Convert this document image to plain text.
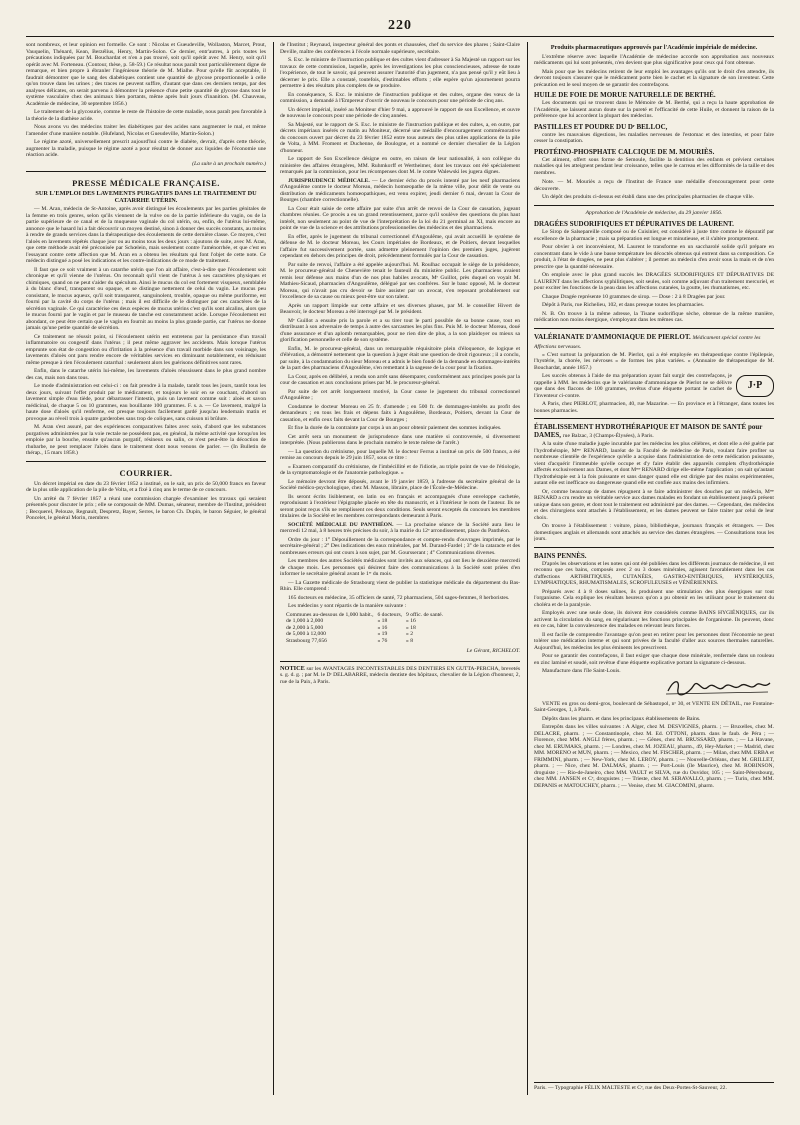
220

sont nombreux, et leur opinion est formelle. Ce sont : Nicolas et Gueudeville, Wollaston, Marcet, Prout, Vauquelin, Thénard, Kean, Berzélius, Henry, Martin-Solon. Ce dernier, entr'autres, à pris toutes les précautions indiquées par M. Bouchardat et n'en a pas trouvé, soit qu'il opérât avec M. Henry, soit qu'il opérât avec M. Forteneau. (Contour, thèse, p. 58-59.) Ce résultat nous paraît tout particulièrement digne de remarque, et bien propre à ébranler l'ingénieuse théorie de M. Mialhe. Pour qu'elle fût acceptable, il faudrait démontrer que le sang des diabétiques contient une quantité de glycose proportionnelle à celle qu'on trouve dans les urines ; des traces ne peuvent suffire, d'autant que dans ces derniers temps, par des analyses délicates, on serait parvenu à démontrer la présence d'une petite quantité de glycose dans tout le système vasculaire chez des animaux bien portants, même après huit jours d'inanition. (M. Chauveau, Académie de médecine, 30 septembre 1856.)

Le traitement de la glycosurie, comme le reste de l'histoire de cette maladie, nous paraît peu favorable à la théorie de la diathèse acide.

Nous avons vu des médecins traiter les diabétiques par des acides sans augmenter le mal, et même l'amender d'une manière notable. (Hufeland, Nicolas et Gueudeville, Martin-Solon.)

Le régime azoté, universellement prescrit aujourd'hui contre le diabète, devrait, d'après cette théorie, augmenter la maladie, puisque le régime azoté a pour résultat de donner aux liquides de l'économie une réaction acide.

(La suite à un prochain numéro.)
PRESSE MÉDICALE FRANÇAISE.
SUR L'EMPLOI DES LAVEMENTS PURGATIFS DANS LE TRAITEMENT DU CATARRHE UTÉRIN.

— M. Aran, médecin de St-Antoine, après avoir distingué les écoulements par les parties génitales de la femme en trois genres, selon qu'ils viennent de la vulve ou de la partie inférieure du vagin, ou de la partie supérieure de ce canal et de la muqueuse vaginale du col utérin, ou, enfin, de l'utérus lui-même, annonce que le hasard lui a fait découvrir un moyen destiné, sinon à donner des succès constants, au moins à rendre de grands services dans la thérapeutique des écoulements de cette dernière classe. Ce moyen, c'est l'aloès en lavements répétés chaque jour ou au moins tous les deux jours : ajoutons de suite, avec M. Aran, que cette méthode avait été préconisée par Schœlein, mais seulement contre l'aménorrhée, et que c'est en l'essayant contre cette affection que M. Aran en a obtenu les résultats qui font l'objet de cette note. Ce médecin distingué a posé les indications et les contre-indications de ce mode de traitement.

Il faut que ce soit vraiment à un catarrhe utérin que l'on ait affaire, c'est-à-dire que l'écoulement soit chronique et qu'il vienne de l'utérus. On reconnaît qu'il vient de l'utérus à ses caractères physiques et chimiques, quand on ne peut s'aider du spéculum. Ainsi le mucus du col est fortement visqueux, semblable à du blanc d'œuf, transparent ou opaque, et se distingue nettement de celui du vagin. Le mucus peu consistant, le mucus aqueux, qu'il soit transparent, sanguinolent, trouble, opaque ou même puriforme, est fourni par la cavité du corps de l'utérus ; mais il est difficile de le distinguer par ces caractères de la sécrétion vaginale. Ce qui caractérise ces deux espèces de mucus utérins c'est qu'ils sont alcalins, alors que le mucus fourni par le vagin et par le museau de tanche est constamment acide. Lorsque l'écoulement est abondant, ce peut être certain que le vagin en fournit au moins la plus grande partie, car l'utérus ne donne jamais qu'une petite quantité de sécrétion.

Ce traitement ne réussit point, si l'écoulement utérin est entretenu par la persistance d'un travail inflammatoire ou congestif dans l'utérus ; il peut même aggraver les accidents. Mais lorsque l'utérus emprunte son état de congestion ou d'irritation à la présence d'un travail morbide dans son voisinage, les lavements d'aloès ont paru rendre encore de véritables services en diminuant notablement, en réduisant même presque à rien l'écoulement catarrhal : seulement alors les guérisons définitives sont rares.

Enfin, dans le catarrhe utérin lui-même, les lavements d'aloès réussissent dans le plus grand nombre des cas, mais non dans tous.

Le mode d'administration est celui-ci : on fait prendre à la malade, tantôt tous les jours, tantôt tous les deux jours, suivant l'effet produit par le médicament, et toujours le soir en se couchant, d'abord un lavement simple d'eau tiède, pour débarrasser l'intestin, puis un lavement comme suit : aloès et savon médicinal, de chaque 5 ou 10 grammes, eau bouillante 100 grammes. F. s. a. — Ce lavement, malgré la haute dose d'aloès qu'il renferme, est presque toujours facilement gardé jusqu'au lendemain matin et provoque au réveil trois à quatre garderobes sans trop de coliques, sans cuisson ni brûlure.

M. Aran s'est assuré, par des expériences comparatives faites avec soin, d'abord que les substances purgatives administrées par la voie rectale ne possèdent pas, en général, la même activité que lorsqu'on les emploie par la bouche, ensuite qu'aucun purgatif, résineux ou salin, ce n'est peut-être la décoction de rhubarbe, ne peut remplacer l'aloès dans le traitement dont nous venons de parler. — (In Bulletin de thérap., 15 mars 1858.)

COURRIER.

Un décret impérial en date du 23 février 1852 a institué, on le sait, un prix de 50,000 francs en faveur de la plus utile application de la pile de Volta, et a fixé à cinq ans le terme de ce concours.

Un arrêté du 7 février 1857 a réuni une commission chargée d'examiner les travaux qui seraient présentés pour discuter le prix ; elle se composait de MM. Dumas, sénateur, membre de l'Institut, président ; Becquerel, Pelouze, Regnault, Despretz, Bayer, Serres, le baron Ch. Dupin, le baron Séguier, le général Poncelet, le général Morin, membres

de l'Institut ; Reynaud, inspecteur général des ponts et chaussées, chef du service des phares ; Saint-Claire Deville, maître des conférences à l'école normale supérieure, secrétaire.

S. Exc. le ministre de l'instruction publique et des cultes vient d'adresser à Sa Majesté un rapport sur les travaux de cette commission, laquelle, après les investigations les plus consciencieuses, adresse de toute l'expérience, de tout le savoir, qui peuvent assurer l'autorité d'un jugement, n'a pas pensé qu'il y eût lieu à décerner le prix. Elle a constaté, toutefois, d'estimables efforts ; elle espère qu'un ajournement pourra permettre à des résultats plus complets de se produire.

En conséquence, S. Exc. le ministre de l'instruction publique et des cultes, organe des vœux de la commission, a demandé à l'Empereur d'ouvrir de nouveau le concours pour une période de cinq ans.

Un décret impérial, inséré au Moniteur d'hier 9 mai, a approuvé le rapport de son Excellence, et ouvre de nouveau le concours pour une période de cinq années.

Sa Majesté, sur le rapport de S. Exc. le ministre de l'instruction publique et des cultes, a, en outre, par décrets impériaux insérés ce matin au Moniteur, décerné une médaille d'encouragement commémorative du concours ouvert par décret du 23 février 1852 entre tous auteurs des plus utiles applications de la pile de Volta, à MM. Froment et Duchenne, de Boulogne, et a nommé ce dernier chevalier de la Légion d'honneur.

Le rapport de Son Excellence désigne en outre, en raison de leur nationalité, à son collègue du ministère des affaires étrangères, MM. Ruhmkorff et Wertheimer, dont les travaux ont été spécialement remarqués par la commission, pour les récompenses dont M. le comte Walewski les jugera dignes.

JURISPRUDENCE MÉDICALE. — Le dernier écho du procès intenté par les neuf pharmaciens d'Angoulême contre le docteur Moreau, médecin homœopathe de la même ville, pour délit de vente ou distribution de médicaments homœopathiques, est venu expirer, jeudi dernier 6 mai, devant la Cour de Bourges (chambre correctionnelle).

La Cour était saisie de cette affaire par suite d'un arrêt de renvoi de la Cour de cassation, jugeant chambres réunies. Ce procès a eu un grand retentissement, parce qu'il soulève des questions du plus haut intérêt, non seulement au point de vue de l'interprétation de la loi du 21 germinal an XI, mais encore au point de vue de la science et des attributions professionnelles des médecins et des pharmaciens.

En effet, après le jugement du tribunal correctionnel d'Angoulême, qui avait accueilli le système de défense de M. le docteur Moreau, les Cours impériales de Bordeaux, et de Poitiers, devant lesquelles l'affaire fut successivement portée, sans admettre pleinement l'opinion des premiers juges, jugèrent cependant en dehors des principes de droit, précédemment formulés par la Cour de cassation.

Par suite de renvoi, l'affaire a été appelée aujourd'hui. M. Roulhac occupait le siège de la présidence, M. le procureur-général de Chenevière tenait le fauteuil du ministère public. Les pharmaciens avaient remis leur défense aux mains d'un de nos plus habiles avocats, Mᵉ Guillot, près duquel on voyait M. Mathieu-Sicaud, pharmacien d'Angoulême, délégué par ses confrères. Sur le banc opposé, M. le docteur Moreau, qui n'avait pas cru devoir se faire assister par un avocat, s'en reposant probablement sur l'excellence de sa cause ou mieux peut-être sur son talent.

Après un rapport limpide sur cette affaire et ses diverses phases, par M. le conseiller Hivert de Beauvoir, le docteur Moreau a été interrogé par M. le président.

Mᵉ Guillot a ensuite pris la parole et a su tirer tout le parti possible de sa bonne cause, tout en distribuant à son adversaire de temps à autre des sarcasmes les plus fins. Puis M. le docteur Moreau, doué d'une assurance et d'un aplomb remarquables, pour ne rien dire de plus, a la son plaidoyer ou mieux sa glorification personnelle et celle de son système.

Enfin, M. le procureur-général, dans un remarquable réquisitoire plein d'éloquence, de logique et d'élévation, a démontré nettement que la question à juger était une question de droit rigoureux ; il a conclu, par suite, à la condamnation du sieur Moreau et a admis le bien fondé de la demande en dommages-intérêts de la part des pharmaciens d'Angoulême, s'en remettant à la sagesse de la cour pour la fixation.

La Cour, après en délibéré, a rendu son arrêt sans désemparer, conformément aux principes posés par la cour de cassation et aux conclusions prises par M. le procureur-général.

Par suite de cet arrêt longuement motivé, la Cour casse le jugement du tribunal correctionnel d'Angoulême ;

Condamne le docteur Moreau en 25 fr. d'amende ; en 500 fr. de dommages-intérêts au profit des demandeurs ; en tous les frais et dépens faits à Angoulême, Bordeaux, Poitiers, devant la Cour de cassation, et enfin ceux faits devant la Cour de Bourges ;

Et fixe la durée de la contrainte par corps à un an pour obtenir paiement des sommes indiquées.

Cet arrêt sera un monument de jurisprudence dans une matière si controversée, si diversement interprétée. (Nous publierons dans le prochain numéro le texte même de l'arrêt.)

— La question du crétinisme, pour laquelle M. le docteur Ferrus a institué un prix de 500 francs, a été remise au concours depuis le 29 juin 1857, sous ce titre :

« Examen comparatif du crétinisme, de l'imbécillité et de l'idiotie, au triple point de vue de l'étiologie, de la symptomatologie et de l'anatomie pathologique. »

Le mémoire devront être déposés, avant le 19 janvier 1859, à l'adresse du secrétaire général de la Société médico-psychologique, chez M. Masson, libraire, place de l'École-de-Médecine.

Ils seront écrits lisiblement, en latin ou en français et accompagnés d'une enveloppe cachetée, reproduisant à l'extérieur l'épigraphe placée en tête du manuscrit, et à l'intérieur le nom de l'auteur. Ils ne seront point reçus s'ils ne remplissent ces deux conditions. Seuls seront exceptés du concours les membres titulaires de la Société et les membres correspondants demeurant à Paris.

SOCIÉTÉ MÉDICALE DU PANTHÉON. — La prochaine séance de la Société aura lieu le mercredi 12 mai, à 8 heures très précises du soir, à la mairie du 12ᵉ arrondissement, place du Panthéon.

Ordre du jour : 1° Dépouillement de la correspondance et compte-rendu d'ouvrages imprimés, par le secrétaire-général ; 2° Des indications des eaux minérales, par M. Durand-Fardel ; 3° de la cataracte et des nombreuses erreurs qui ont cours à son sujet, par M. Goursserant ; 4° Communications diverses.

Les membres des autres Sociétés médicales sont invités aux séances, qui ont lieu le deuxième mercredi de chaque mois. Les personnes qui désirent faire des communications à la Société sont priées d'en informer le secrétaire général avant le 1ᵉʳ du mois.

— La Gazette médicale de Strasbourg vient de publier la statistique médicale du département du Bas-Rhin. Elle comprend :

165 docteurs en médecine, 35 officiers de santé, 72 pharmaciens, 504 sages-femmes, 8 herboristes.

Les médecins y sont répartis de la manière suivante :

Communes au-dessous de 1,000 habit.,	6 docteurs,	9 offic. de santé.
de 1,000 à 2,000	» 18	» 16
de 2,000 à 5,000	» 16	» 18
de 5,000 à 12,000	» 19	» 2
Strasbourg 77,656	» 76	» 8
Le Gérant, RICHELOT.

NOTICE sur les AVANTAGES INCONTESTABLES DES DENTIERS EN GUTTA-PERCHA, brevetés s. g. d. g. ; par M. le Dʳ DELABARRE, médecin dentiste des hôpitaux, chevalier de la Légion d'honneur, 2, rue de la Paix, à Paris.

Produits pharmaceutiques approuvés par l'Académie impériale de médecine.

L'extrême réserve avec laquelle l'Académie de médecine accorde son approbation aux nouveaux médicaments qui lui sont présentés, n'en devient que plus significative pour ceux qui l'ont obtenue.

Mais pour que les médecins retirent de leur emploi les avantages qu'ils ont le droit d'en attendre, ils devront toujours s'assurer que le médicament porte bien le cachet et la signature de son inventeur. Cette précaution est le seul moyen de se garantir des contrefaçons.

HUILE DE FOIE DE MORUE NATURELLE DE BERTHÉ.

Les documents qui se trouvent dans le Mémoire de M. Berthé, qui a reçu la haute approbation de l'Académie, ne laissent aucun doute sur la pureté et l'efficacité de cette Huile, et donnent la raison de la préférence que lui accordent la plupart des médecins.

PASTILLES ET POUDRE DU Dʳ BELLOC,

contre les mauvaises digestions, les maladies nerveuses de l'estomac et des intestins, et pour faire cesser la constipation.

PROTÉINO-PHOSPHATE CALCIQUE DE M. MOURIÈS.

Cet aliment, offert sous forme de Semoule, facilite la dentition des enfants et prévient certaines maladies qui les atteignent pendant leur croissance, telles que le carreau et les difformités de la taille et des membres.

Note. — M. Mouriès a reçu de l'Institut de France une médaille d'encouragement pour cette découverte.

Un dépôt des produits ci-dessus est établi dans une des principales pharmacies de chaque ville.

Approbation de l'Académie de médecine, du 29 janvier 1856.
DRAGÉES SUDORIFIQUES ET DÉPURATIVES DE LAURENT.

Le Sirop de Salsepareille composé ou de Cuisinier, est considéré à juste titre comme le dépuratif par excellence de la pharmacie ; mais sa préparation est longue et minutieuse, et il s'altère promptement.

Pour obvier à cet inconvénient, M. Laurent le transforme en un saccharolé solide qu'il prépare en concentrant dans le vide à une basse température les décoctés obtenus qui entrent dans sa composition. Ce produit, à l'état de dragées, ne peut plus s'altérer ; il permet au médecin d'en avoir sous la main et de n'en prescrire que la quantité nécessaire.

On emploie avec le plus grand succès les DRAGÉES SUDORIFIQUES ET DÉPURATIVES DE LAURENT dans les affections syphilitiques, soit seules, soit comme adjuvant d'un traitement mercuriel, et pour exciter les fonctions de la peau dans les affections cutanées, la goutte, les rhumatismes, etc.

Chaque Dragée représente 10 grammes de sirop. — Dose : 2 à 8 Dragées par jour.

Dépôt à Paris, rue Richelieu, 102, et dans presque toutes les pharmacies.

N. B. On trouve à la même adresse, la Tisane sudorifique sèche, obtenue de la même manière, médication non moins énergique, s'employant dans les mêmes cas.

VALÉRIANATE D'AMMONIAQUE DE PIERLOT. Médicament spécial contre les Affections nerveuses.

« C'est surtout la préparation de M. Pierlot, qui a été employée en thérapeutique contre l'épilepsie, l'hystérie, la chorée, les névroses » de formes les plus variées. » (Annuaire de thérapeutique de M. Bouchardat, année 1857.)

J·P

Les succès obtenus à l'aide de ma préparation ayant fait surgir des contrefaçons, je rappelle à MM. les médecins que le valérianate d'ammoniaque de Pierlot ne se délivre que dans des flacons de 100 grammes, revêtus d'une étiquette portant le cachet de l'inventeur ci-contre.

A Paris, chez PIERLOT, pharmacien, 40, rue Mazarine. — En province et à l'étranger, dans toutes les bonnes pharmacies.

ÉTABLISSEMENT HYDROTHÉRAPIQUE ET MAISON DE SANTÉ pour DAMES, rue Balzac, 3 (Champs-Élysées), à Paris.

A la suite d'une maladie jugée incurable par les médecins les plus célèbres, et dont elle a été guérie par l'hydrothérapie, Mᵐᵉ RENARD, lauréat de la Faculté de médecine de Paris, voulant faire profiter sa nombreuse clientèle de l'expérience qu'elle a acquise dans l'administration de cette médication puissante, vient d'acquérir l'immeuble qu'elle occupe et d'y faire établir des appareils complets d'hydrothérapie affectés exclusivement aux Dames, et dont Mᵐᵉ RENARD dirige elle-même l'application ; on sait qu'autant l'hydrothérapie est à la fois puissante et sans danger quand elle est dirigée par des mains expérimentées, autant elle est inefficace ou dangereuse quand elle est confiée aux mains des infirmiers.

Or, comme beaucoup de dames répugnent à se faire administrer des douches par un médecin, Mᵐᵉ RENARD a cru rendre un véritable service aux dames malades en fondant un établissement jusqu'à présent unique dans son genre, et dont tout le traitement est administré par des dames. — Cependant, des médecins et des chirurgiens sont attachés à l'établissement, et les dames peuvent se faire traiter par celui de leur choix.

On trouve à l'établissement : voiture, piano, bibliothèque, journaux français et étrangers. — Des domestiques anglais et allemands sont attachés au service des dames étrangères. — Consultations tous les jours.

BAINS PENNÈS.

D'après les observations et les notes qui ont été publiées dans les différents journaux de médecine, il est reconnu que ces bains, composés avec 2 ou 3 doses minérales, agissent favorablement dans les cas d'affections ARTHRITIQUES, CUTANÉES, GASTRO-ENTÉRIQUES, HYSTÉRIQUES, LYMPHATIQUES, RHUMATISMALES, SCROFULEUSES et VÉNÉRIENNES.

Préparés avec 4 à 8 doses salines, ils produisent une stimulation des plus énergiques sur tout l'organisme. Cela explique les résultats heureux qu'on a pu obtenir en les utilisant pour le traitement du choléra et de la paralysie.

Employés avec une seule dose, ils doivent être considérés comme BAINS HYGIÉNIQUES, car ils activent la circulation du sang, en régularisant les fonctions principales de l'organisme. Ils peuvent, donc en ce cas, hâter la convalescence des malades en relevant leurs forces.

Il est facile de comprendre l'avantage qu'on peut en retirer pour les personnes dont l'économie ne peut tolérer une médication interne et qui sont privées de la faculté d'aller aux sources thermales naturelles. Aujourd'hui, les médecins les plus éminents les prescrivent.

Pour se garantir des contrefaçons, il faut exiger que chaque dose minérale, renfermée dans un rouleau en zinc laminé et soudé, soit revêtue d'une étiquette explicative portant la signature ci-dessous.

Manufacture dans l'île Saint-Louis.

VENTE en gros ou demi-gros, boulevard de Sébastopol, nᵒ 30, et VENTE EN DÉTAIL, rue Fontaine-Saint-Georges, 1, à Paris.

Dépôts dans les pharm. et dans les principaux établissements de Bains.

Entrepôts dans les villes suivantes : A Alger, chez M. DESVIGNES, pharm. ; — Bruxelles, chez M. DELACRE, pharm. ; — Constantinople, chez M. Ed. OTTONI, pharm. dans le faub. de Péra ; — Florence, chez MM. ANGLI frères, pharm. ; — Gênes, chez M. BRUSSARD, pharm. ; — La Havane, chez M. ERUMAKS, pharm. ; — Londres, chez M. JOZEAU, pharm., 49, Hey-Market ; — Madrid, chez MM. MORENO et MUN, pharm. ; — Mexico, chez M. FISCHER, pharm. ; — Milan, chez MM. ERBA et FRIMMINI, pharm. ; — New-York, chez M. LEROY, pharm. ; — Nouvelle-Orléans, chez M. GRILLET, pharm. ; — Nice, chez M. DALMAS, pharm. ; — Port-Louis (île Maurice), chez M. ROBINSON, droguiste ; — Rio-de-Janeiro, chez MM. VAULT et SILVA, rue du Ouvidor, 105 ; — Saint-Pétersbourg, chez MM. JANSEN et Cᵉ, droguistes ; — Trieste, chez M. SERAVALLO, pharm. ; — Turin, chez MM. DEPANIS et MATOUCHEY, pharm. ; — Venise, chez M. GIACOMINI, pharm.

Paris. — Typographie FÉLIX MALTESTE et Cᵉ, rue des Deux-Portes-St-Sauveur, 22.
